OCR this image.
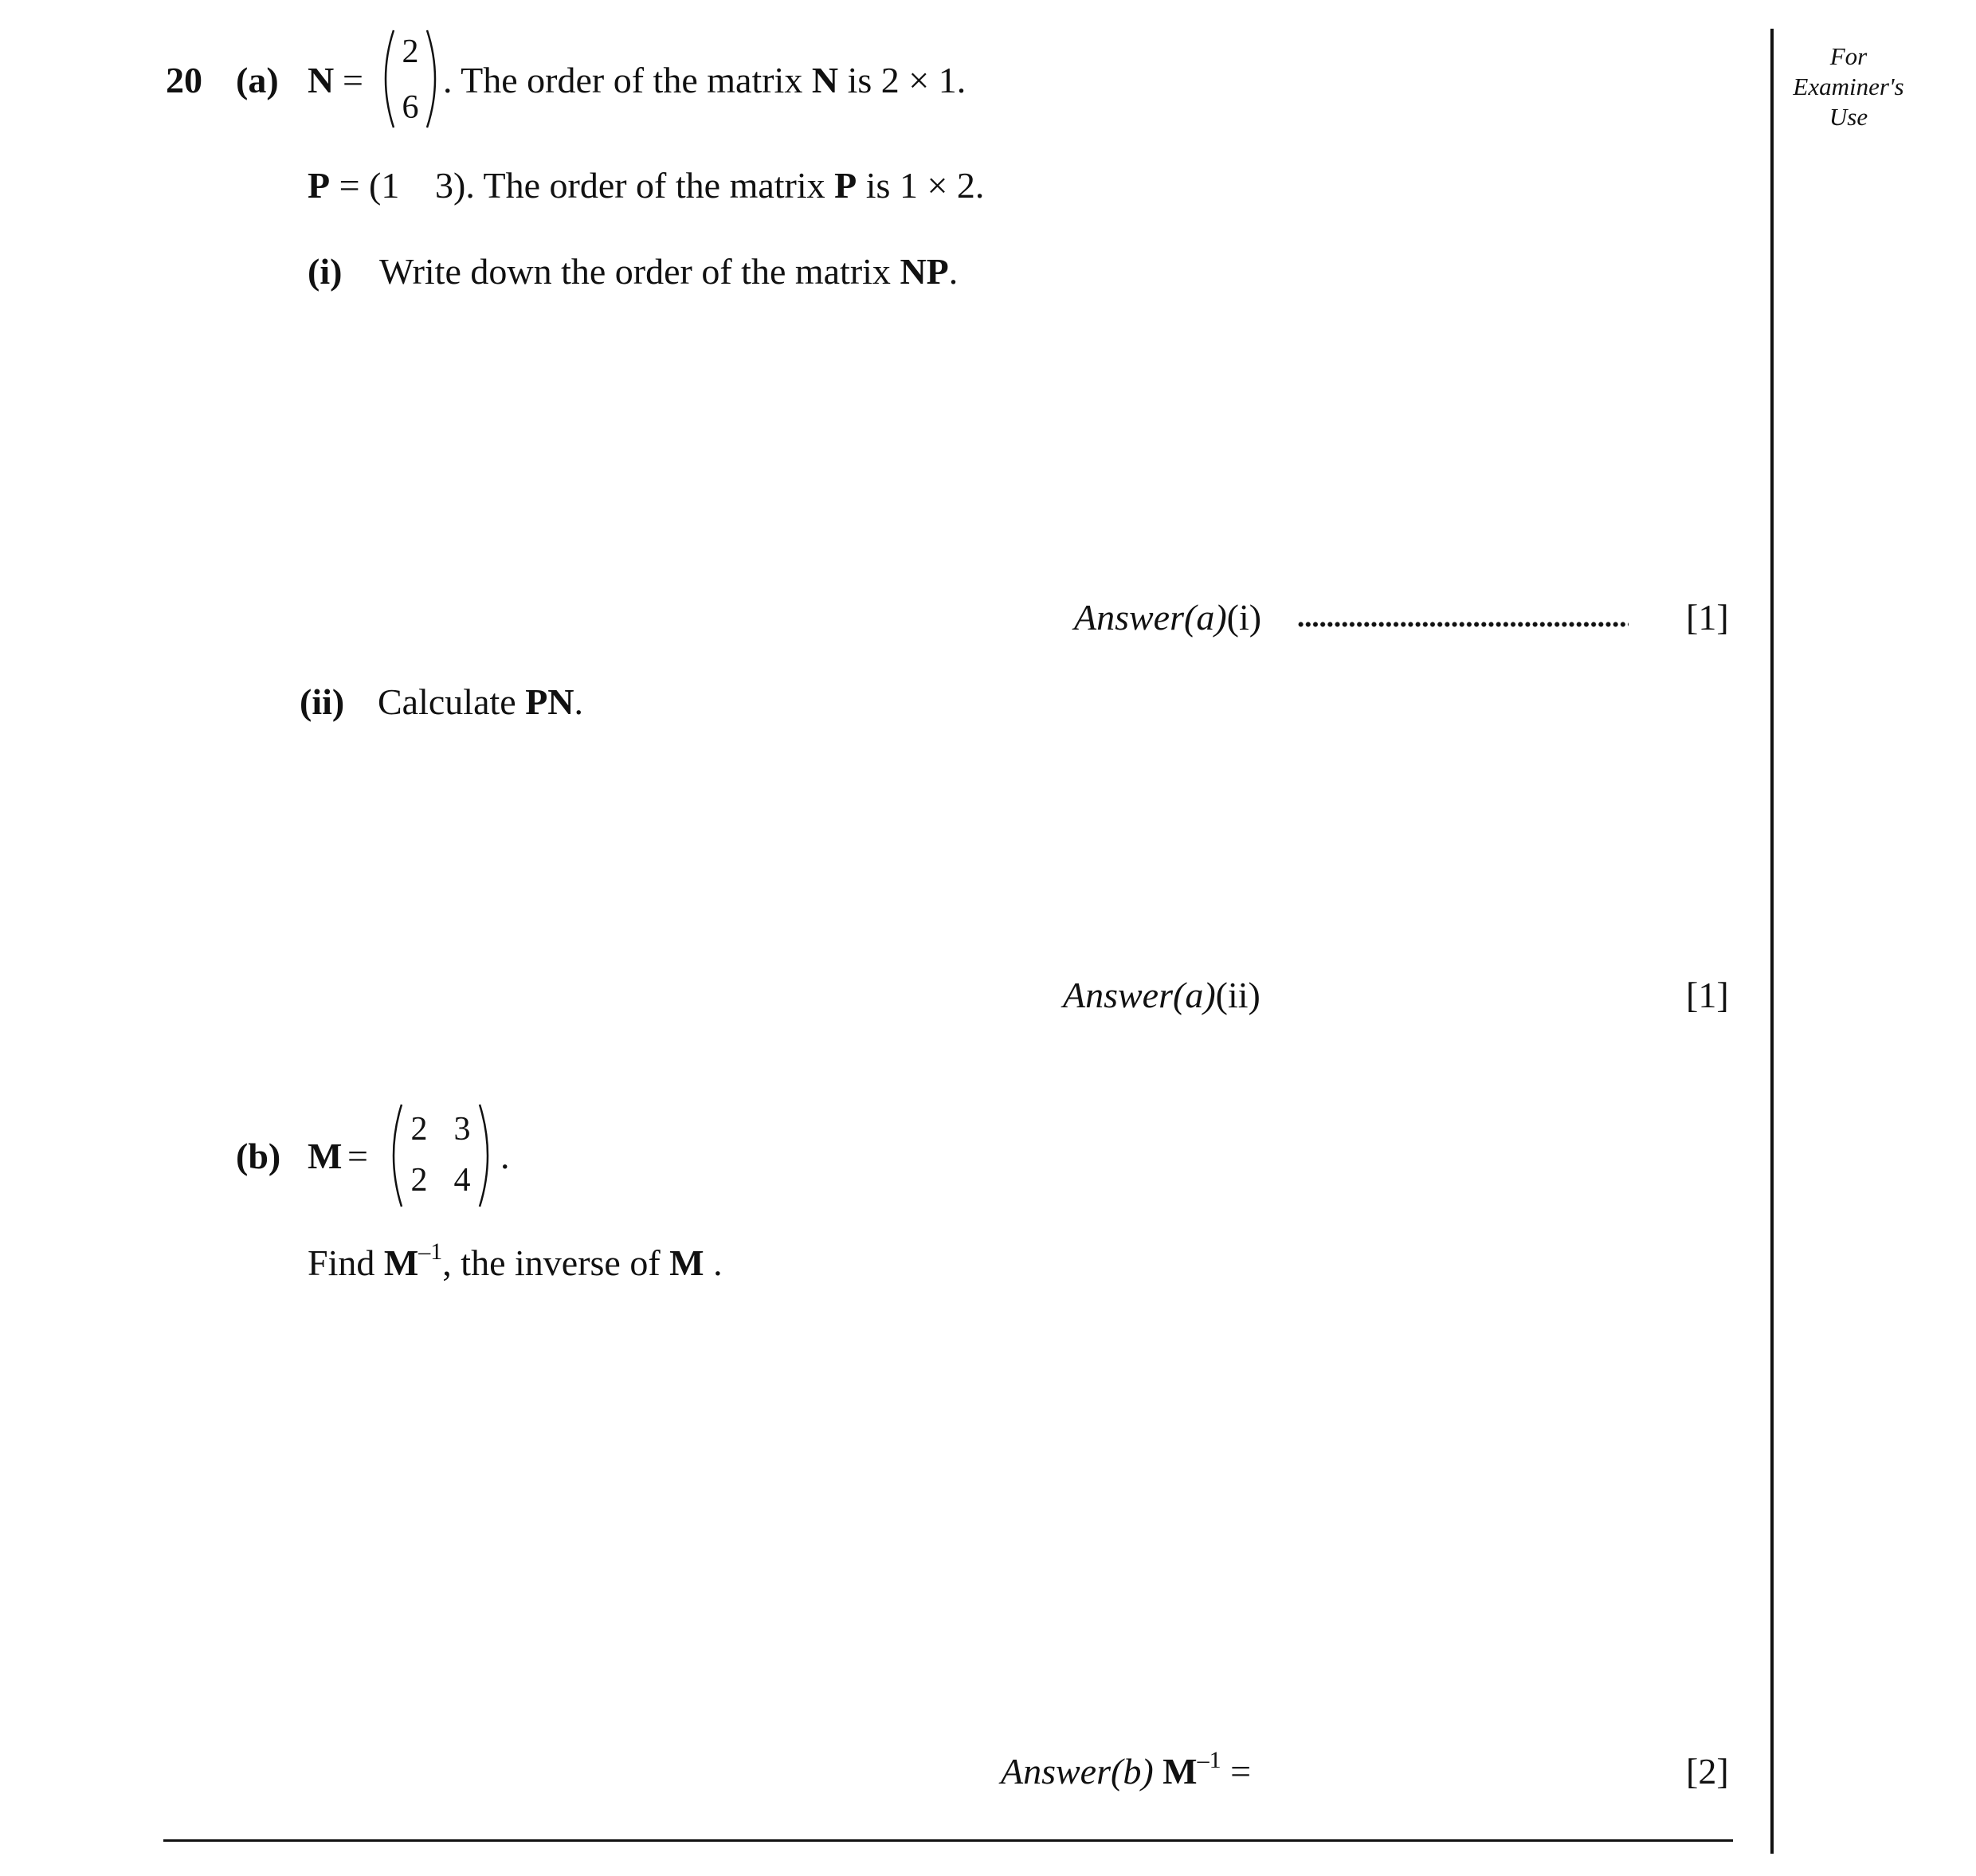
For
Examiner's
Use
20 (a) N =
2
6
. The order of the matrix N is 2 × 1.
P = (1 3). The order of the matrix P is 1 × 2.
(i) Write down the order of the matrix NP.
Answer(a)(i)	[1]
(ii) Calculate PN.
Answer(a)(ii)	[1]
(b) M =
2 3
2 4
.
Find $M^{-1}$, the inverse of M .
Answer(b) $M^{-1}$ =	[2]
